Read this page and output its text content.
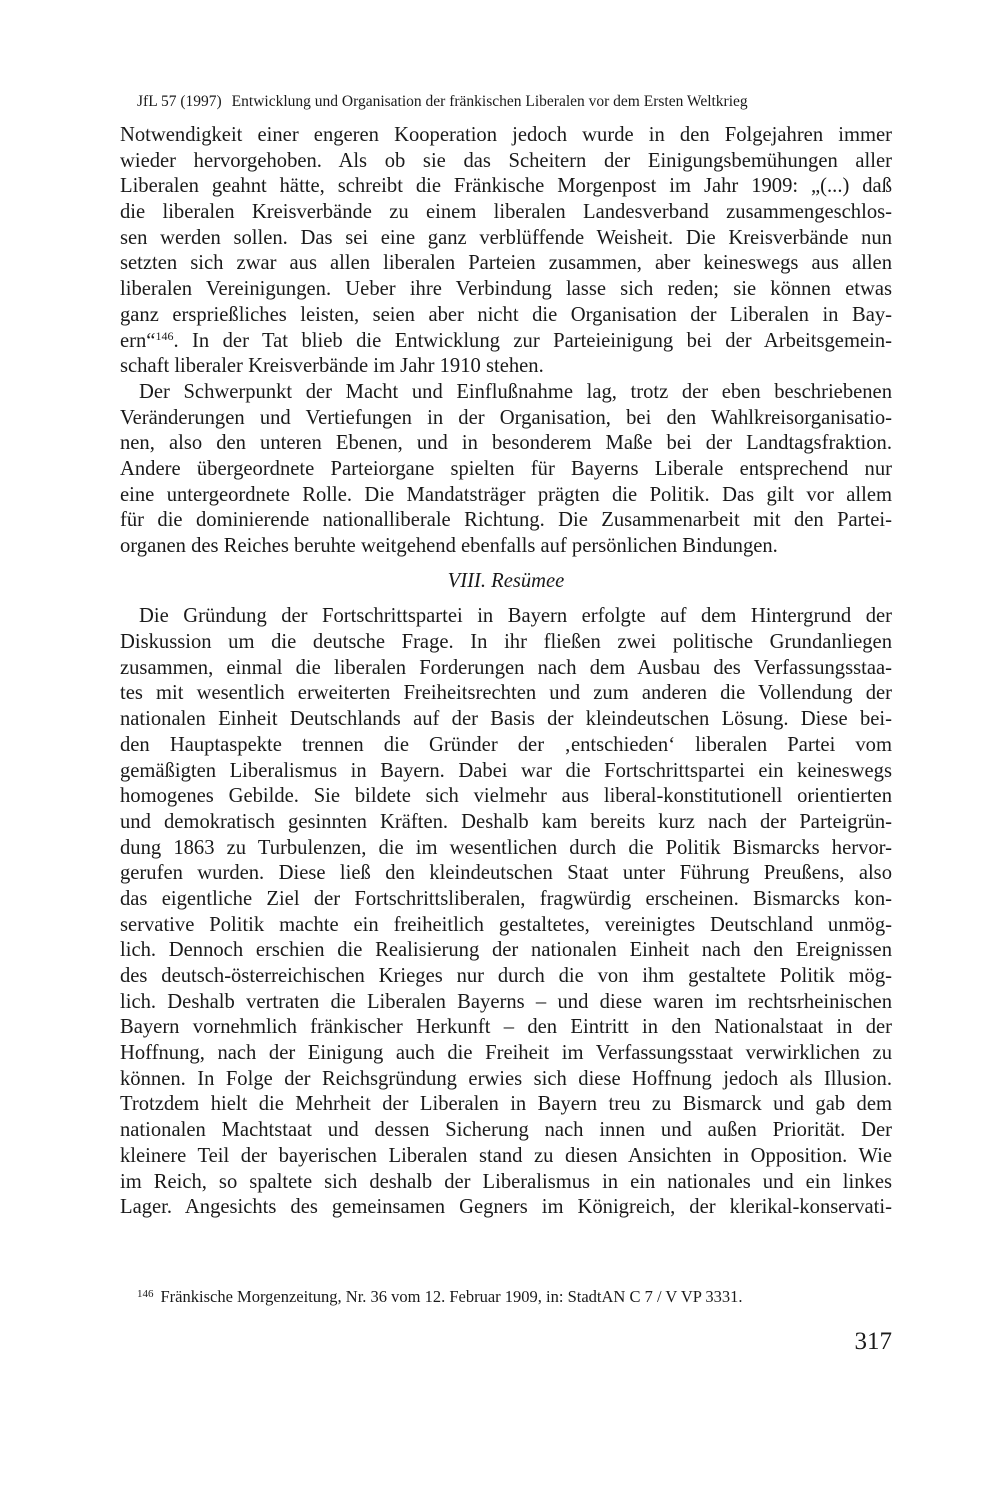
JfL 57 (1997) Entwicklung und Organisation der fränkischen Liberalen vor dem Ersten Weltkrieg
Notwendigkeit einer engeren Kooperation jedoch wurde in den Folgejahren immer
wieder hervorgehoben. Als ob sie das Scheitern der Einigungsbemühungen aller
Liberalen geahnt hätte, schreibt die Fränkische Morgenpost im Jahr 1909: „(...) daß
die liberalen Kreisverbände zu einem liberalen Landesverband zusammengeschlos-
sen werden sollen. Das sei eine ganz verblüffende Weisheit. Die Kreisverbände nun
setzten sich zwar aus allen liberalen Parteien zusammen, aber keineswegs aus allen
liberalen Vereinigungen. Ueber ihre Verbindung lasse sich reden; sie können etwas
ganz ersprießliches leisten, seien aber nicht die Organisation der Liberalen in Bay-
ern“$^{146}$. In der Tat blieb die Entwicklung zur Parteieinigung bei der Arbeitsgemein-
schaft liberaler Kreisverbände im Jahr 1910 stehen.
Der Schwerpunkt der Macht und Einflußnahme lag, trotz der eben beschriebenen
Veränderungen und Vertiefungen in der Organisation, bei den Wahlkreisorganisatio-
nen, also den unteren Ebenen, und in besonderem Maße bei der Landtagsfraktion.
Andere übergeordnete Parteiorgane spielten für Bayerns Liberale entsprechend nur
eine untergeordnete Rolle. Die Mandatsträger prägten die Politik. Das gilt vor allem
für die dominierende nationalliberale Richtung. Die Zusammenarbeit mit den Partei-
organen des Reiches beruhte weitgehend ebenfalls auf persönlichen Bindungen.
VIII. Resümee
Die Gründung der Fortschrittspartei in Bayern erfolgte auf dem Hintergrund der
Diskussion um die deutsche Frage. In ihr fließen zwei politische Grundanliegen
zusammen, einmal die liberalen Forderungen nach dem Ausbau des Verfassungsstaa-
tes mit wesentlich erweiterten Freiheitsrechten und zum anderen die Vollendung der
nationalen Einheit Deutschlands auf der Basis der kleindeutschen Lösung. Diese bei-
den Hauptaspekte trennen die Gründer der ‚entschieden‘ liberalen Partei vom
gemäßigten Liberalismus in Bayern. Dabei war die Fortschrittspartei ein keineswegs
homogenes Gebilde. Sie bildete sich vielmehr aus liberal-konstitutionell orientierten
und demokratisch gesinnten Kräften. Deshalb kam bereits kurz nach der Parteigrün-
dung 1863 zu Turbulenzen, die im wesentlichen durch die Politik Bismarcks hervor-
gerufen wurden. Diese ließ den kleindeutschen Staat unter Führung Preußens, also
das eigentliche Ziel der Fortschrittsliberalen, fragwürdig erscheinen. Bismarcks kon-
servative Politik machte ein freiheitlich gestaltetes, vereinigtes Deutschland unmög-
lich. Dennoch erschien die Realisierung der nationalen Einheit nach den Ereignissen
des deutsch-österreichischen Krieges nur durch die von ihm gestaltete Politik mög-
lich. Deshalb vertraten die Liberalen Bayerns – und diese waren im rechtsrheinischen
Bayern vornehmlich fränkischer Herkunft – den Eintritt in den Nationalstaat in der
Hoffnung, nach der Einigung auch die Freiheit im Verfassungsstaat verwirklichen zu
können. In Folge der Reichsgründung erwies sich diese Hoffnung jedoch als Illusion.
Trotzdem hielt die Mehrheit der Liberalen in Bayern treu zu Bismarck und gab dem
nationalen Machtstaat und dessen Sicherung nach innen und außen Priorität. Der
kleinere Teil der bayerischen Liberalen stand zu diesen Ansichten in Opposition. Wie
im Reich, so spaltete sich deshalb der Liberalismus in ein nationales und ein linkes
Lager. Angesichts des gemeinsamen Gegners im Königreich, der klerikal-konservati-
$^{146}$ Fränkische Morgenzeitung, Nr. 36 vom 12. Februar 1909, in: StadtAN C 7 / V VP 3331.
317
